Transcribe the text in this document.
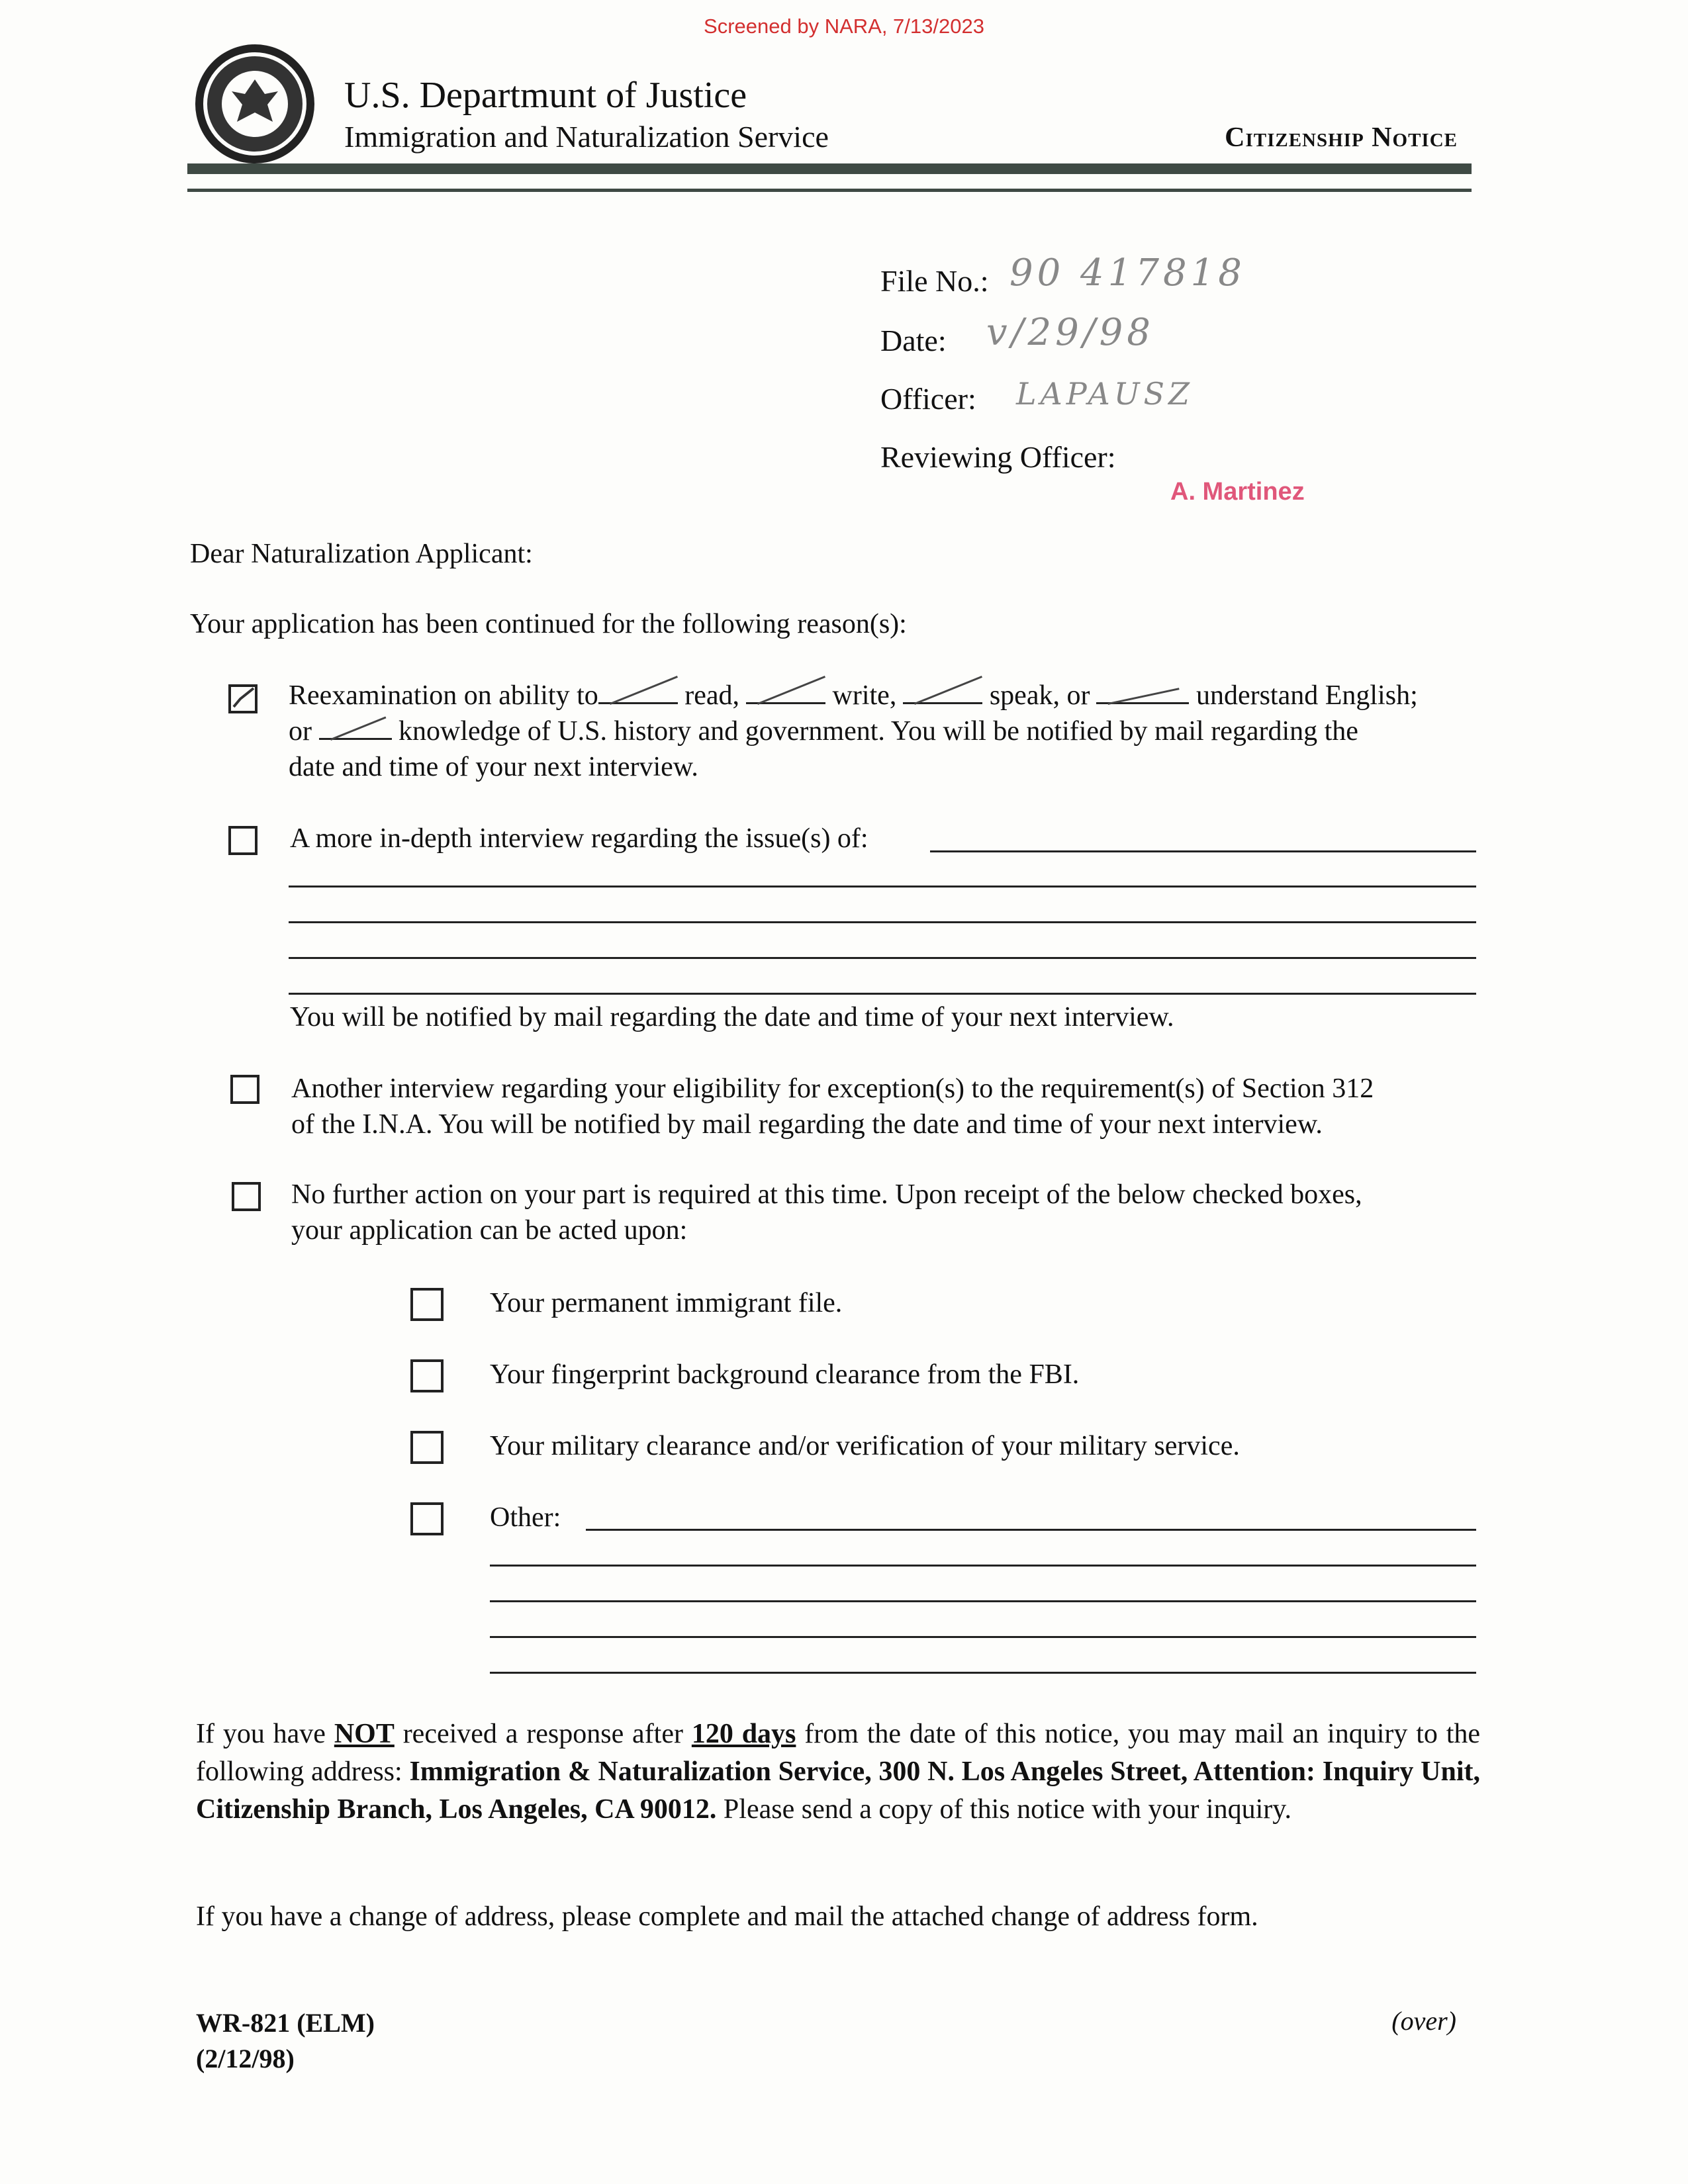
Screened by NARA, 7/13/2023
U.S. Departmunt of Justice
Immigration and Naturalization Service	Citizenship Notice
File No.: 90 417818
Date: v/29/98
Officer: LAPAUSZ
Reviewing Officer:
A. Martinez
Dear Naturalization Applicant:
Your application has been continued for the following reason(s):
Reexamination on ability to	read,	write,	speak, or	understand English;
or	knowledge of U.S. history and government. You will be notified by mail regarding the
date and time of your next interview.
A more in-depth interview regarding the issue(s) of:
You will be notified by mail regarding the date and time of your next interview.
Another interview regarding your eligibility for exception(s) to the requirement(s) of Section 312
of the I.N.A. You will be notified by mail regarding the date and time of your next interview.
No further action on your part is required at this time. Upon receipt of the below checked boxes,
your application can be acted upon:
Your permanent immigrant file.
Your fingerprint background clearance from the FBI.
Your military clearance and/or verification of your military service.
Other:
If you have NOT received a response after 120 days from the date of this notice, you may mail an inquiry to the following address: Immigration & Naturalization Service, 300 N. Los Angeles Street, Attention: Inquiry Unit, Citizenship Branch, Los Angeles, CA 90012. Please send a copy of this notice with your inquiry.
If you have a change of address, please complete and mail the attached change of address form.
WR-821 (ELM)
(2/12/98)
(over)
